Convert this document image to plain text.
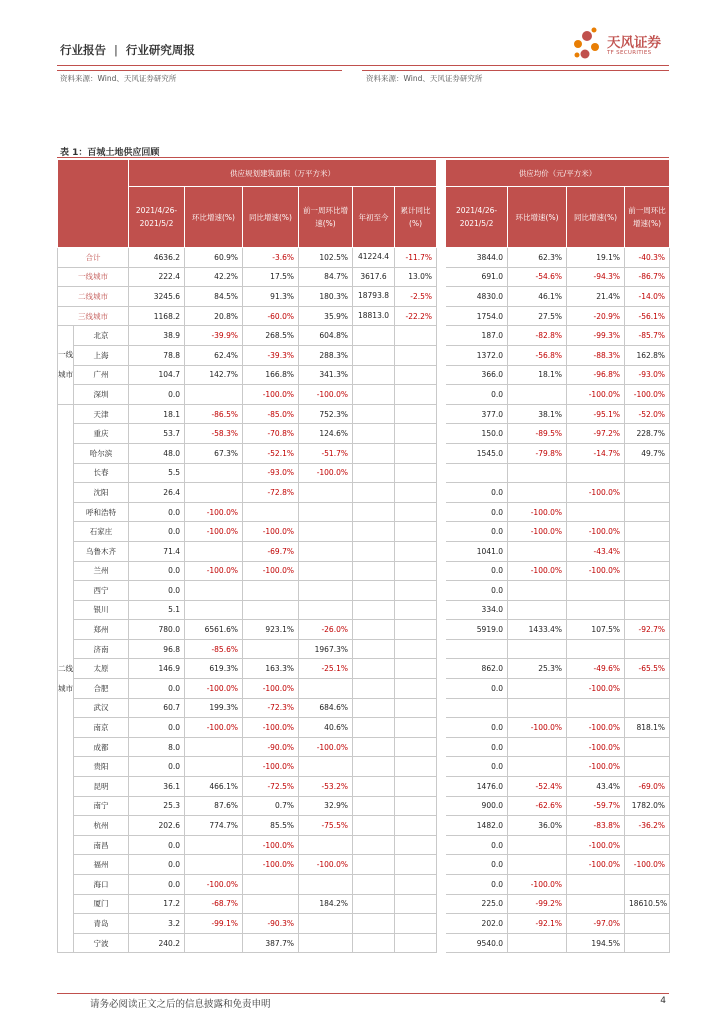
行业报告 | 行业研究周报	天风证券
TF SECURITIES
资料来源：Wind、天风证券研究所	资料来源：Wind、天风证券研究所
表 1：百城土地供应回顾
		供应规划建筑面积（万平方米）							供应均价（元/平方米）			
		2021/4/26-2021/5/2	环比增速(%)	同比增速(%)	前一周环比增速(%)	年初至今	累计同比(%)		2021/4/26-2021/5/2	环比增速(%)	同比增速(%)	前一周环比增速(%)
合计		4636.2	60.9%	-3.6%	102.5%	41224.4	-11.7%		3844.0	62.3%	19.1%	-40.3%
一线城市		222.4	42.2%	17.5%	84.7%	3617.6	13.0%		691.0	-54.6%	-94.3%	-86.7%
二线城市		3245.6	84.5%	91.3%	180.3%	18793.8	-2.5%		4830.0	46.1%	21.4%	-14.0%
三线城市		1168.2	20.8%	-60.0%	35.9%	18813.0	-22.2%		1754.0	27.5%	-20.9%	-56.1%
一线城市	北京	38.9	-39.9%	268.5%	604.8%				187.0	-82.8%	-99.3%	-85.7%
	上海	78.8	62.4%	-39.3%	288.3%				1372.0	-56.8%	-88.3%	162.8%
	广州	104.7	142.7%	166.8%	341.3%				366.0	18.1%	-96.8%	-93.0%
	深圳	0.0		-100.0%	-100.0%				0.0		-100.0%	-100.0%
二线城市	天津	18.1	-86.5%	-85.0%	752.3%				377.0	38.1%	-95.1%	-52.0%
	重庆	53.7	-58.3%	-70.8%	124.6%				150.0	-89.5%	-97.2%	228.7%
	哈尔滨	48.0	67.3%	-52.1%	-51.7%				1545.0	-79.8%	-14.7%	49.7%
	长春	5.5		-93.0%	-100.0%							
	沈阳	26.4		-72.8%					0.0		-100.0%	
	呼和浩特	0.0	-100.0%						0.0	-100.0%		
	石家庄	0.0	-100.0%	-100.0%					0.0	-100.0%	-100.0%	
	乌鲁木齐	71.4		-69.7%					1041.0		-43.4%	
	兰州	0.0	-100.0%	-100.0%					0.0	-100.0%	-100.0%	
	西宁	0.0							0.0			
	银川	5.1							334.0			
	郑州	780.0	6561.6%	923.1%	-26.0%				5919.0	1433.4%	107.5%	-92.7%
	济南	96.8	-85.6%		1967.3%							
	太原	146.9	619.3%	163.3%	-25.1%				862.0	25.3%	-49.6%	-65.5%
	合肥	0.0	-100.0%	-100.0%					0.0		-100.0%	
	武汉	60.7	199.3%	-72.3%	684.6%							
	南京	0.0	-100.0%	-100.0%	40.6%				0.0	-100.0%	-100.0%	818.1%
	成都	8.0		-90.0%	-100.0%				0.0		-100.0%	
	贵阳	0.0		-100.0%					0.0		-100.0%	
	昆明	36.1	466.1%	-72.5%	-53.2%				1476.0	-52.4%	43.4%	-69.0%
	南宁	25.3	87.6%	0.7%	32.9%				900.0	-62.6%	-59.7%	1782.0%
	杭州	202.6	774.7%	85.5%	-75.5%				1482.0	36.0%	-83.8%	-36.2%
	南昌	0.0		-100.0%					0.0		-100.0%	
	福州	0.0		-100.0%	-100.0%				0.0		-100.0%	-100.0%
	海口	0.0	-100.0%						0.0	-100.0%		
	厦门	17.2	-68.7%		184.2%				225.0	-99.2%		18610.5%
	青岛	3.2	-99.1%	-90.3%					202.0	-92.1%	-97.0%	
	宁波	240.2		387.7%					9540.0		194.5%	
请务必阅读正文之后的信息披露和免责申明	4
